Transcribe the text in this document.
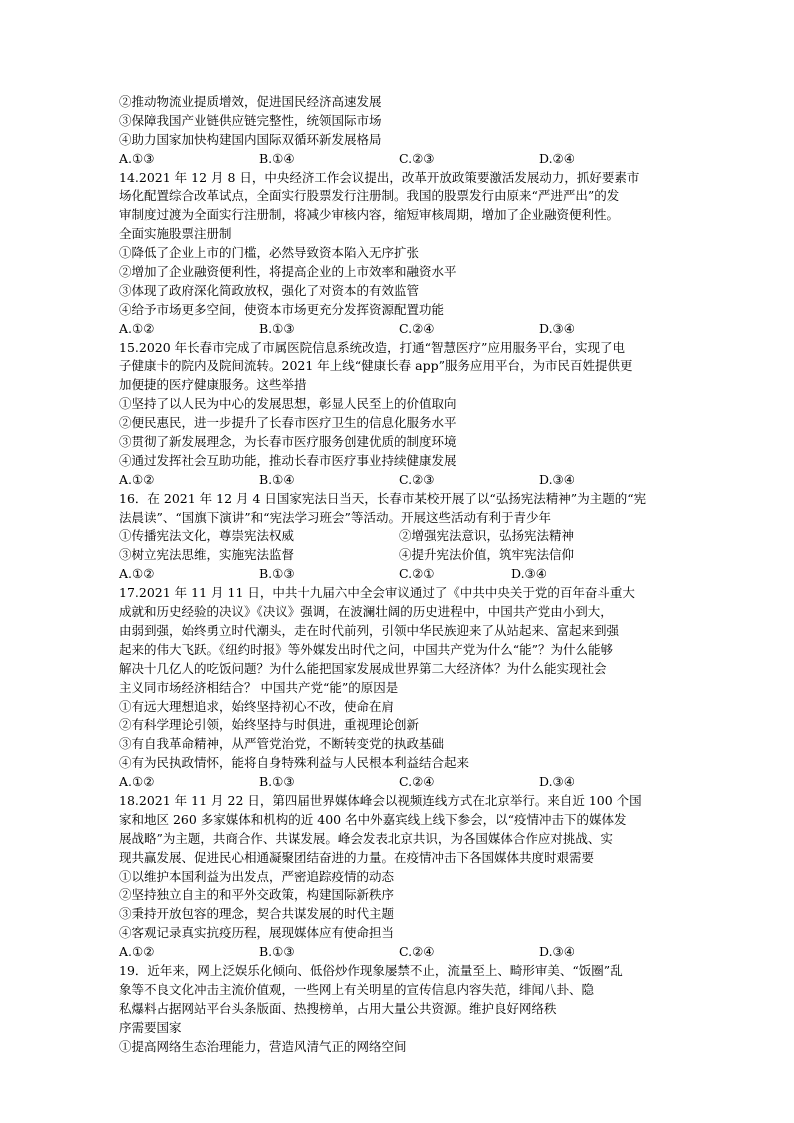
②推动物流业提质增效，促进国民经济高速发展
③保障我国产业链供应链完整性，统领国际市场
④助力国家加快构建国内国际双循环新发展格局
A.①③	B.①④	C.②③	D.②④
14.2021 年 12 月 8 日，中央经济工作会议提出，改革开放政策要激活发展动力，抓好要素市
场化配置综合改革试点，全面实行股票发行注册制。我国的股票发行由原来“严进严出”的发
审制度过渡为全面实行注册制，将减少审核内容，缩短审核周期，增加了企业融资便利性。
全面实施股票注册制
①降低了企业上市的门槛，必然导致资本陷入无序扩张
②增加了企业融资便利性，将提高企业的上市效率和融资水平
③体现了政府深化简政放权，强化了对资本的有效监管
④给予市场更多空间，使资本市场更充分发挥资源配置功能
A.①②	B.①③	C.②④	D.③④
15.2020 年长春市完成了市属医院信息系统改造，打通“智慧医疗”应用服务平台，实现了电
子健康卡的院内及院间流转。2021 年上线“健康长春 app”服务应用平台，为市民百姓提供更
加便捷的医疗健康服务。这些举措
①坚持了以人民为中心的发展思想，彰显人民至上的价值取向
②便民惠民，进一步提升了长春市医疗卫生的信息化服务水平
③贯彻了新发展理念，为长春市医疗服务创建优质的制度环境
④通过发挥社会互助功能，推动长春市医疗事业持续健康发展
A.①②	B.①④	C.②③	D.③④
16．在 2021 年 12 月 4 日国家宪法日当天，长春市某校开展了以“弘扬宪法精神”为主题的“宪
法晨读”、“国旗下演讲”和“宪法学习班会”等活动。开展这些活动有利于青少年
①传播宪法文化，尊崇宪法权威	②增强宪法意识，弘扬宪法精神
③树立宪法思维，实施宪法监督	④提升宪法价值，筑牢宪法信仰
A.①②	B.①③	C.②①	D.③④
17.2021 年 11 月 11 日，中共十九届六中全会审议通过了《中共中央关于党的百年奋斗重大
成就和历史经验的决议》《决议》强调，在波澜壮阔的历史进程中，中国共产党由小到大，
由弱到强，始终勇立时代潮头，走在时代前列，引领中华民族迎来了从站起来、富起来到强
起来的伟大飞跃。《纽约时报》等外媒发出时代之问，中国共产党为什么“能”？为什么能够
解决十几亿人的吃饭问题？为什么能把国家发展成世界第二大经济体？为什么能实现社会
主义同市场经济相结合？ 中国共产党“能”的原因是
①有远大理想追求，始终坚持初心不改，使命在肩
②有科学理论引领，始终坚持与时俱进，重视理论创新
③有自我革命精神，从严管党治党，不断转变党的执政基础
④有为民执政情怀，能将自身特殊利益与人民根本利益结合起来
A.①②	B.①③	C.②④	D.③④
18.2021 年 11 月 22 日，第四届世界媒体峰会以视频连线方式在北京举行。来自近 100 个国
家和地区 260 多家媒体和机构的近 400 名中外嘉宾线上线下参会，以“疫情冲击下的媒体发
展战略”为主题，共商合作、共谋发展。峰会发表北京共识，为各国媒体合作应对挑战、实
现共赢发展、促进民心相通凝聚团结奋进的力量。在疫情冲击下各国媒体共度时艰需要
①以维护本国利益为出发点，严密追踪疫情的动态
②坚持独立自主的和平外交政策，构建国际新秩序
③秉持开放包容的理念，契合共谋发展的时代主题
④客观记录真实抗疫历程，展现媒体应有使命担当
A.①②	B.①③	C.②④	D.③④
19．近年来，网上泛娱乐化倾向、低俗炒作现象屡禁不止，流量至上、畸形审美、“饭圈”乱
象等不良文化冲击主流价值观，一些网上有关明星的宣传信息内容失范，绯闻八卦、隐
私爆料占据网站平台头条版面、热搜榜单，占用大量公共资源。维护良好网络秩
序需要国家
①提高网络生态治理能力，营造风清气正的网络空间
